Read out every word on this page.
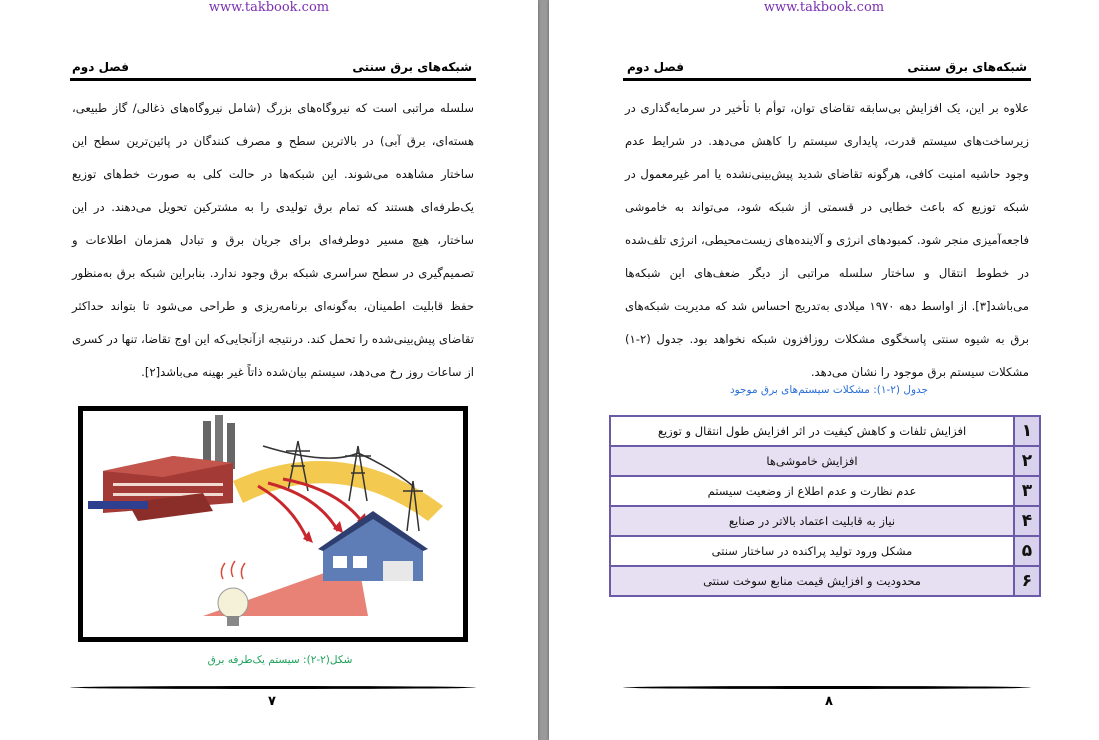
www.takbook.com
شبکه‌های برق سنتی
فصل دوم

سلسله مراتبی است که نیروگاه‌های بزرگ (شامل نیروگاه‌های ذغالی/ گاز طبیعی، هسته‌ای، برق آبی) در بالاترین سطح و مصرف کنندگان در پائین‌ترین سطح این ساختار مشاهده می‌شوند. این شبکه‌ها در حالت کلی به صورت خط‌های توزیع یک‌طرفه‌ای هستند که تمام برق تولیدی را به مشترکین تحویل می‌دهند. در این ساختار، هیچ مسیر دوطرفه‌ای برای جریان برق و تبادل همزمان اطلاعات و تصمیم‌گیری در سطح سراسری شبکه برق وجود ندارد. بنابراین شبکه برق به‌منظور حفظ قابلیت اطمینان، به‌گونه‌ای برنامه‌ریزی و طراحی می‌شود تا بتواند حداکثر تقاضای پیش‌بینی‌شده را تحمل کند. درنتیجه ازآنجایی‌که این اوج تقاضا، تنها در کسری از ساعات روز رخ می‌دهد، سیستم بیان‌شده ذاتاً غیر بهینه می‌باشد[۲].

شکل(۲-۲): سیستم یک‌طرفه برق
۷
www.takbook.com
شبکه‌های برق سنتی
فصل دوم

علاوه بر این، یک افزایش بی‌سابقه تقاضای توان، توأم با تأخیر در سرمایه‌گذاری در زیرساخت‌های سیستم قدرت، پایداری سیستم را کاهش می‌دهد. در شرایط عدم وجود حاشیه امنیت کافی، هرگونه تقاضای شدید پیش‌بینی‌نشده یا امر غیرمعمول در شبکه توزیع که باعث خطایی در قسمتی از شبکه شود، می‌تواند به خاموشی فاجعه‌آمیزی منجر شود. کمبودهای انرژی و آلاینده‌های زیست‌محیطی، انرژی تلف‌شده در خطوط انتقال و ساختار سلسله مراتبی از دیگر ضعف‌های این شبکه‌ها می‌باشد[۳]. از اواسط دهه ۱۹۷۰ میلادی به‌تدریج احساس شد که مدیریت شبکه‌های برق به شیوه سنتی پاسخگوی مشکلات روزافزون شبکه نخواهد بود. جدول (۲-۱) مشکلات سیستم برق موجود را نشان می‌دهد.

جدول (۲-۱): مشکلات سیستم‌های برق موجود
۸
۱	افزایش تلفات و کاهش کیفیت در اثر افزایش طول انتقال و توزیع
۲	افزایش خاموشی‌ها
۳	عدم نظارت و عدم اطلاع از وضعیت سیستم
۴	نیاز به قابلیت اعتماد بالاتر در صنایع
۵	مشکل ورود تولید پراکنده در ساختار سنتی
۶	محدودیت و افزایش قیمت منابع سوخت سنتی
